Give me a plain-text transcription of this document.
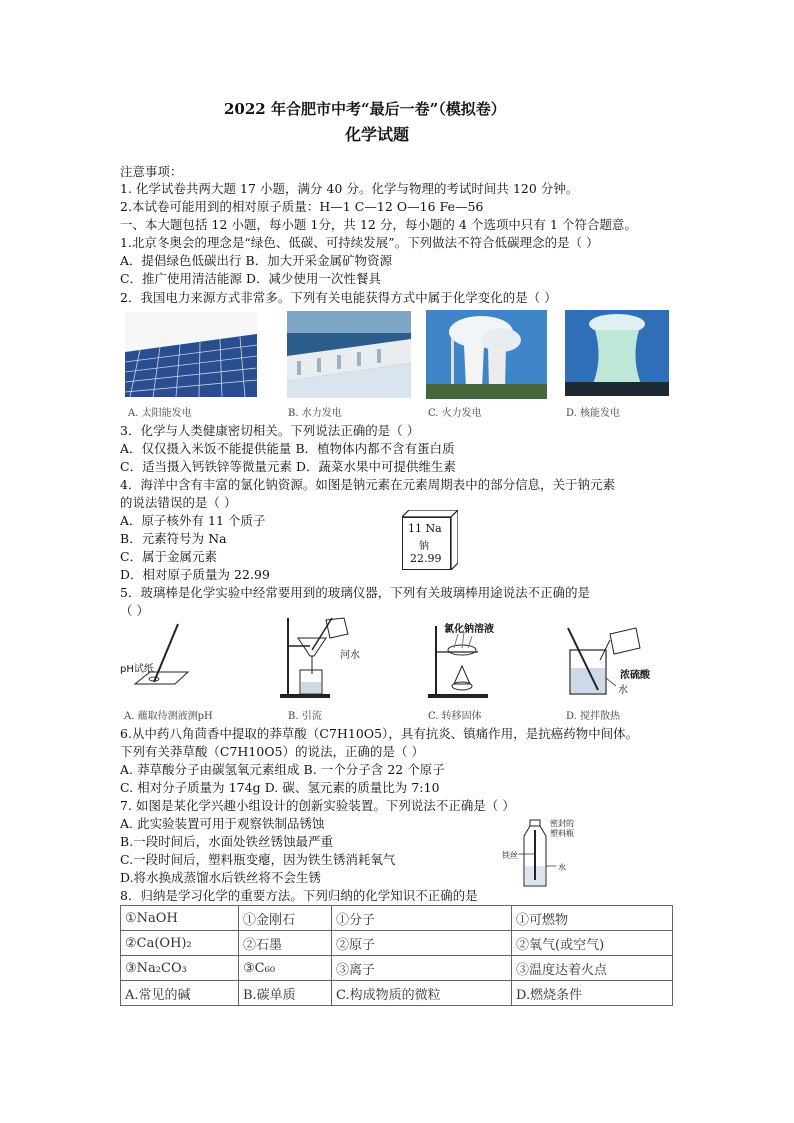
2022 年合肥市中考“最后一卷”（模拟卷）
化学试题
注意事项：
1. 化学试卷共两大题 17 小题，满分 40 分。化学与物理的考试时间共 120 分钟。
2.本试卷可能用到的相对原子质量：H—1 C—12 O—16 Fe—56
一、本大题包括 12 小题，每小题 1分，共 12 分，每小题的 4 个选项中只有 1 个符合题意。
1.北京冬奥会的理念是“绿色、低碳、可持续发展”。下列做法不符合低碳理念的是（ ）
A．提倡绿色低碳出行 B．加大开采金属矿物资源
C．推广使用清洁能源 D．减少使用一次性餐具
2．我国电力来源方式非常多。下列有关电能获得方式中属于化学变化的是（ ）
A. 太阳能发电	B. 水力发电	C. 火力发电	D. 核能发电
3．化学与人类健康密切相关。下列说法正确的是（ ）
A．仅仅摄入米饭不能提供能量 B．植物体内都不含有蛋白质
C．适当摄入钙铁锌等微量元素 D．蔬菜水果中可提供维生素
4．海洋中含有丰富的氯化钠资源。如图是钠元素在元素周期表中的部分信息，关于钠元素
的说法错误的是（ ）
A．原子核外有 11 个质子
B．元素符号为 Na
C．属于金属元素
D．相对原子质量为 22.99
11 Na
钠
22.99
5．玻璃棒是化学实验中经常要用到的玻璃仪器，下列有关玻璃棒用途说法不正确的是
（ ）
pH试纸
河水
氯化钠溶液
浓硫酸
水
A. 蘸取待测液测pH	B. 引流	C. 转移固体	D. 搅拌散热
6.从中药八角茴香中提取的莽草酸（C7H10O5），具有抗炎、镇痛作用，是抗癌药物中间体。
下列有关莽草酸（C7H10O5）的说法，正确的是（ ）
A. 莽草酸分子由碳氢氧元素组成 B. 一个分子含 22 个原子
C. 相对分子质量为 174g D. 碳、氢元素的质量比为 7:10
7. 如图是某化学兴趣小组设计的创新实验装置。下列说法不正确是（ ）
A. 此实验装置可用于观察铁制品锈蚀
B.一段时间后，水面处铁丝锈蚀最严重
C.一段时间后，塑料瓶变瘪，因为铁生锈消耗氧气
D.将水换成蒸馏水后铁丝将不会生锈
密封的
塑料瓶
铁丝
水
8．归纳是学习化学的重要方法。下列归纳的化学知识不正确的是
①NaOH	①金刚石	①分子	①可燃物
②Ca(OH)₂	②石墨	②原子	②氧气(或空气)
③Na₂CO₃	③C₆₀	③离子	③温度达着火点
A.常见的碱	B.碳单质	C.构成物质的微粒	D.燃烧条件
